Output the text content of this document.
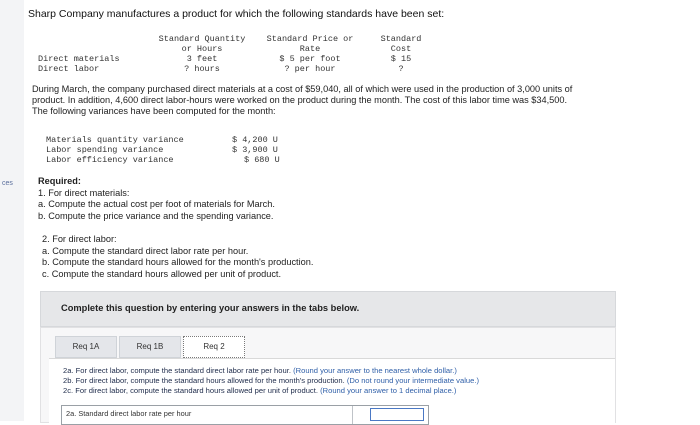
ces
Sharp Company manufactures a product for which the following standards have been set:
Standard Quantity
or Hours
Standard Price or
Rate
Standard
Cost
Direct materials	3 feet	$ 5 per foot	$ 15
Direct labor	? hours	? per hour	?
During March, the company purchased direct materials at a cost of $59,040, all of which were used in the production of 3,000 units of
product. In addition, 4,600 direct labor-hours were worked on the product during the month. The cost of this labor time was $34,500.
The following variances have been computed for the month:
Materials quantity variance	$ 4,200 U
Labor spending variance	$ 3,900 U
Labor efficiency variance	$ 680 U
Required:
1. For direct materials:
a. Compute the actual cost per foot of materials for March.
b. Compute the price variance and the spending variance.
2. For direct labor:
a. Compute the standard direct labor rate per hour.
b. Compute the standard hours allowed for the month's production.
c. Compute the standard hours allowed per unit of product.
Complete this question by entering your answers in the tabs below.
Req 1A	Req 1B	Req 2
2a. For direct labor, compute the standard direct labor rate per hour. (Round your answer to the nearest whole dollar.)
2b. For direct labor, compute the standard hours allowed for the month's production. (Do not round your intermediate value.)
2c. For direct labor, compute the standard hours allowed per unit of product. (Round your answer to 1 decimal place.)
2a. Standard direct labor rate per hour
